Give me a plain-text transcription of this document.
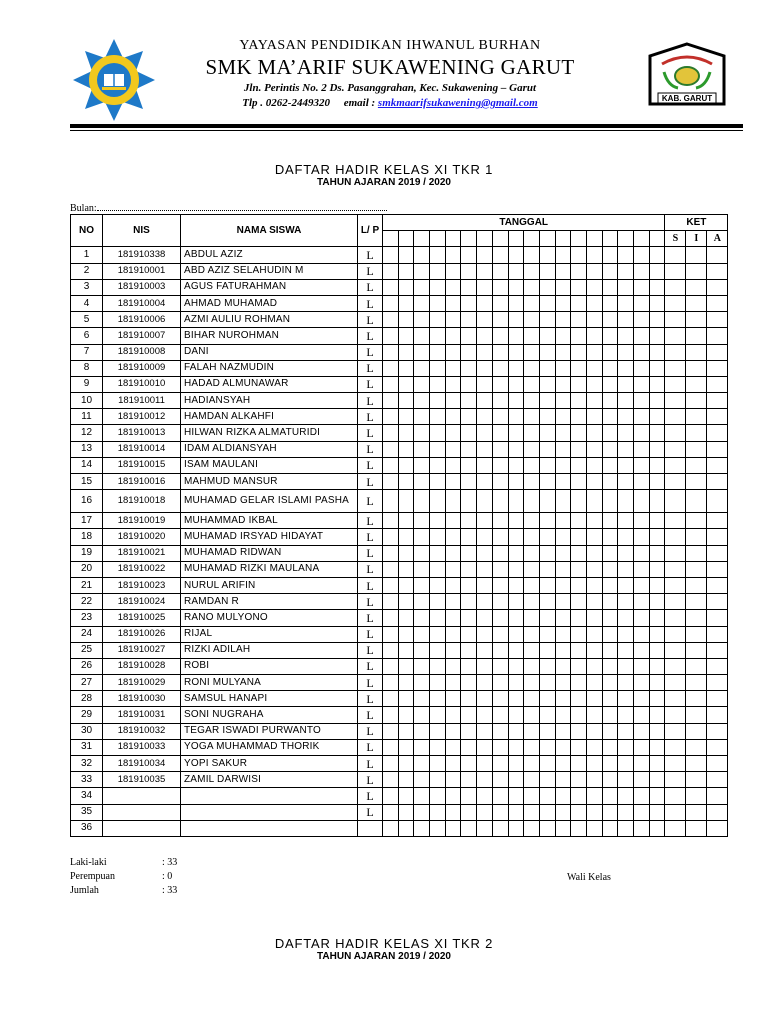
KAB. GARUT
YAYASAN PENDIDIKAN IHWANUL BURHAN
SMK MA’ARIF SUKAWENING GARUT
Jln. Perintis No. 2 Ds. Pasanggrahan, Kec. Sukawening – Garut
Tlp . 0262-2449320 email : smkmaarifsukawening@gmail.com
DAFTAR HADIR KELAS XI TKR 1
TAHUN AJARAN 2019 / 2020
Bulan:
NO	NIS	NAMA SISWA	L/ P	TANGGAL																		KET		
																						S	I	A
1	181910338	ABDUL AZIZ	L																					
2	181910001	ABD AZIZ SELAHUDIN M	L																					
3	181910003	AGUS FATURAHMAN	L																					
4	181910004	AHMAD MUHAMAD	L																					
5	181910006	AZMI AULIU ROHMAN	L																					
6	181910007	BIHAR NUROHMAN	L																					
7	181910008	DANI	L																					
8	181910009	FALAH NAZMUDIN	L																					
9	181910010	HADAD ALMUNAWAR	L																					
10	181910011	HADIANSYAH	L																					
11	181910012	HAMDAN ALKAHFI	L																					
12	181910013	HILWAN RIZKA ALMATURIDI	L																					
13	181910014	IDAM ALDIANSYAH	L																					
14	181910015	ISAM MAULANI	L																					
15	181910016	MAHMUD MANSUR	L																					
16	181910018	MUHAMAD GELAR ISLAMI PASHA	L																					
17	181910019	MUHAMMAD IKBAL	L																					
18	181910020	MUHAMAD IRSYAD HIDAYAT	L																					
19	181910021	MUHAMAD RIDWAN	L																					
20	181910022	MUHAMAD RIZKI MAULANA	L																					
21	181910023	NURUL ARIFIN	L																					
22	181910024	RAMDAN R	L																					
23	181910025	RANO MULYONO	L																					
24	181910026	RIJAL	L																					
25	181910027	RIZKI ADILAH	L																					
26	181910028	ROBI	L																					
27	181910029	RONI MULYANA	L																					
28	181910030	SAMSUL HANAPI	L																					
29	181910031	SONI NUGRAHA	L																					
30	181910032	TEGAR ISWADI PURWANTO	L																					
31	181910033	YOGA MUHAMMAD THORIK	L																					
32	181910034	YOPI SAKUR	L																					
33	181910035	ZAMIL DARWISI	L																					
34			L																					
35			L																					
36																								
Laki-laki	: 33
Perempuan	: 0
Jumlah	: 33
Wali Kelas
DAFTAR HADIR KELAS XI TKR 2
TAHUN AJARAN 2019 / 2020
